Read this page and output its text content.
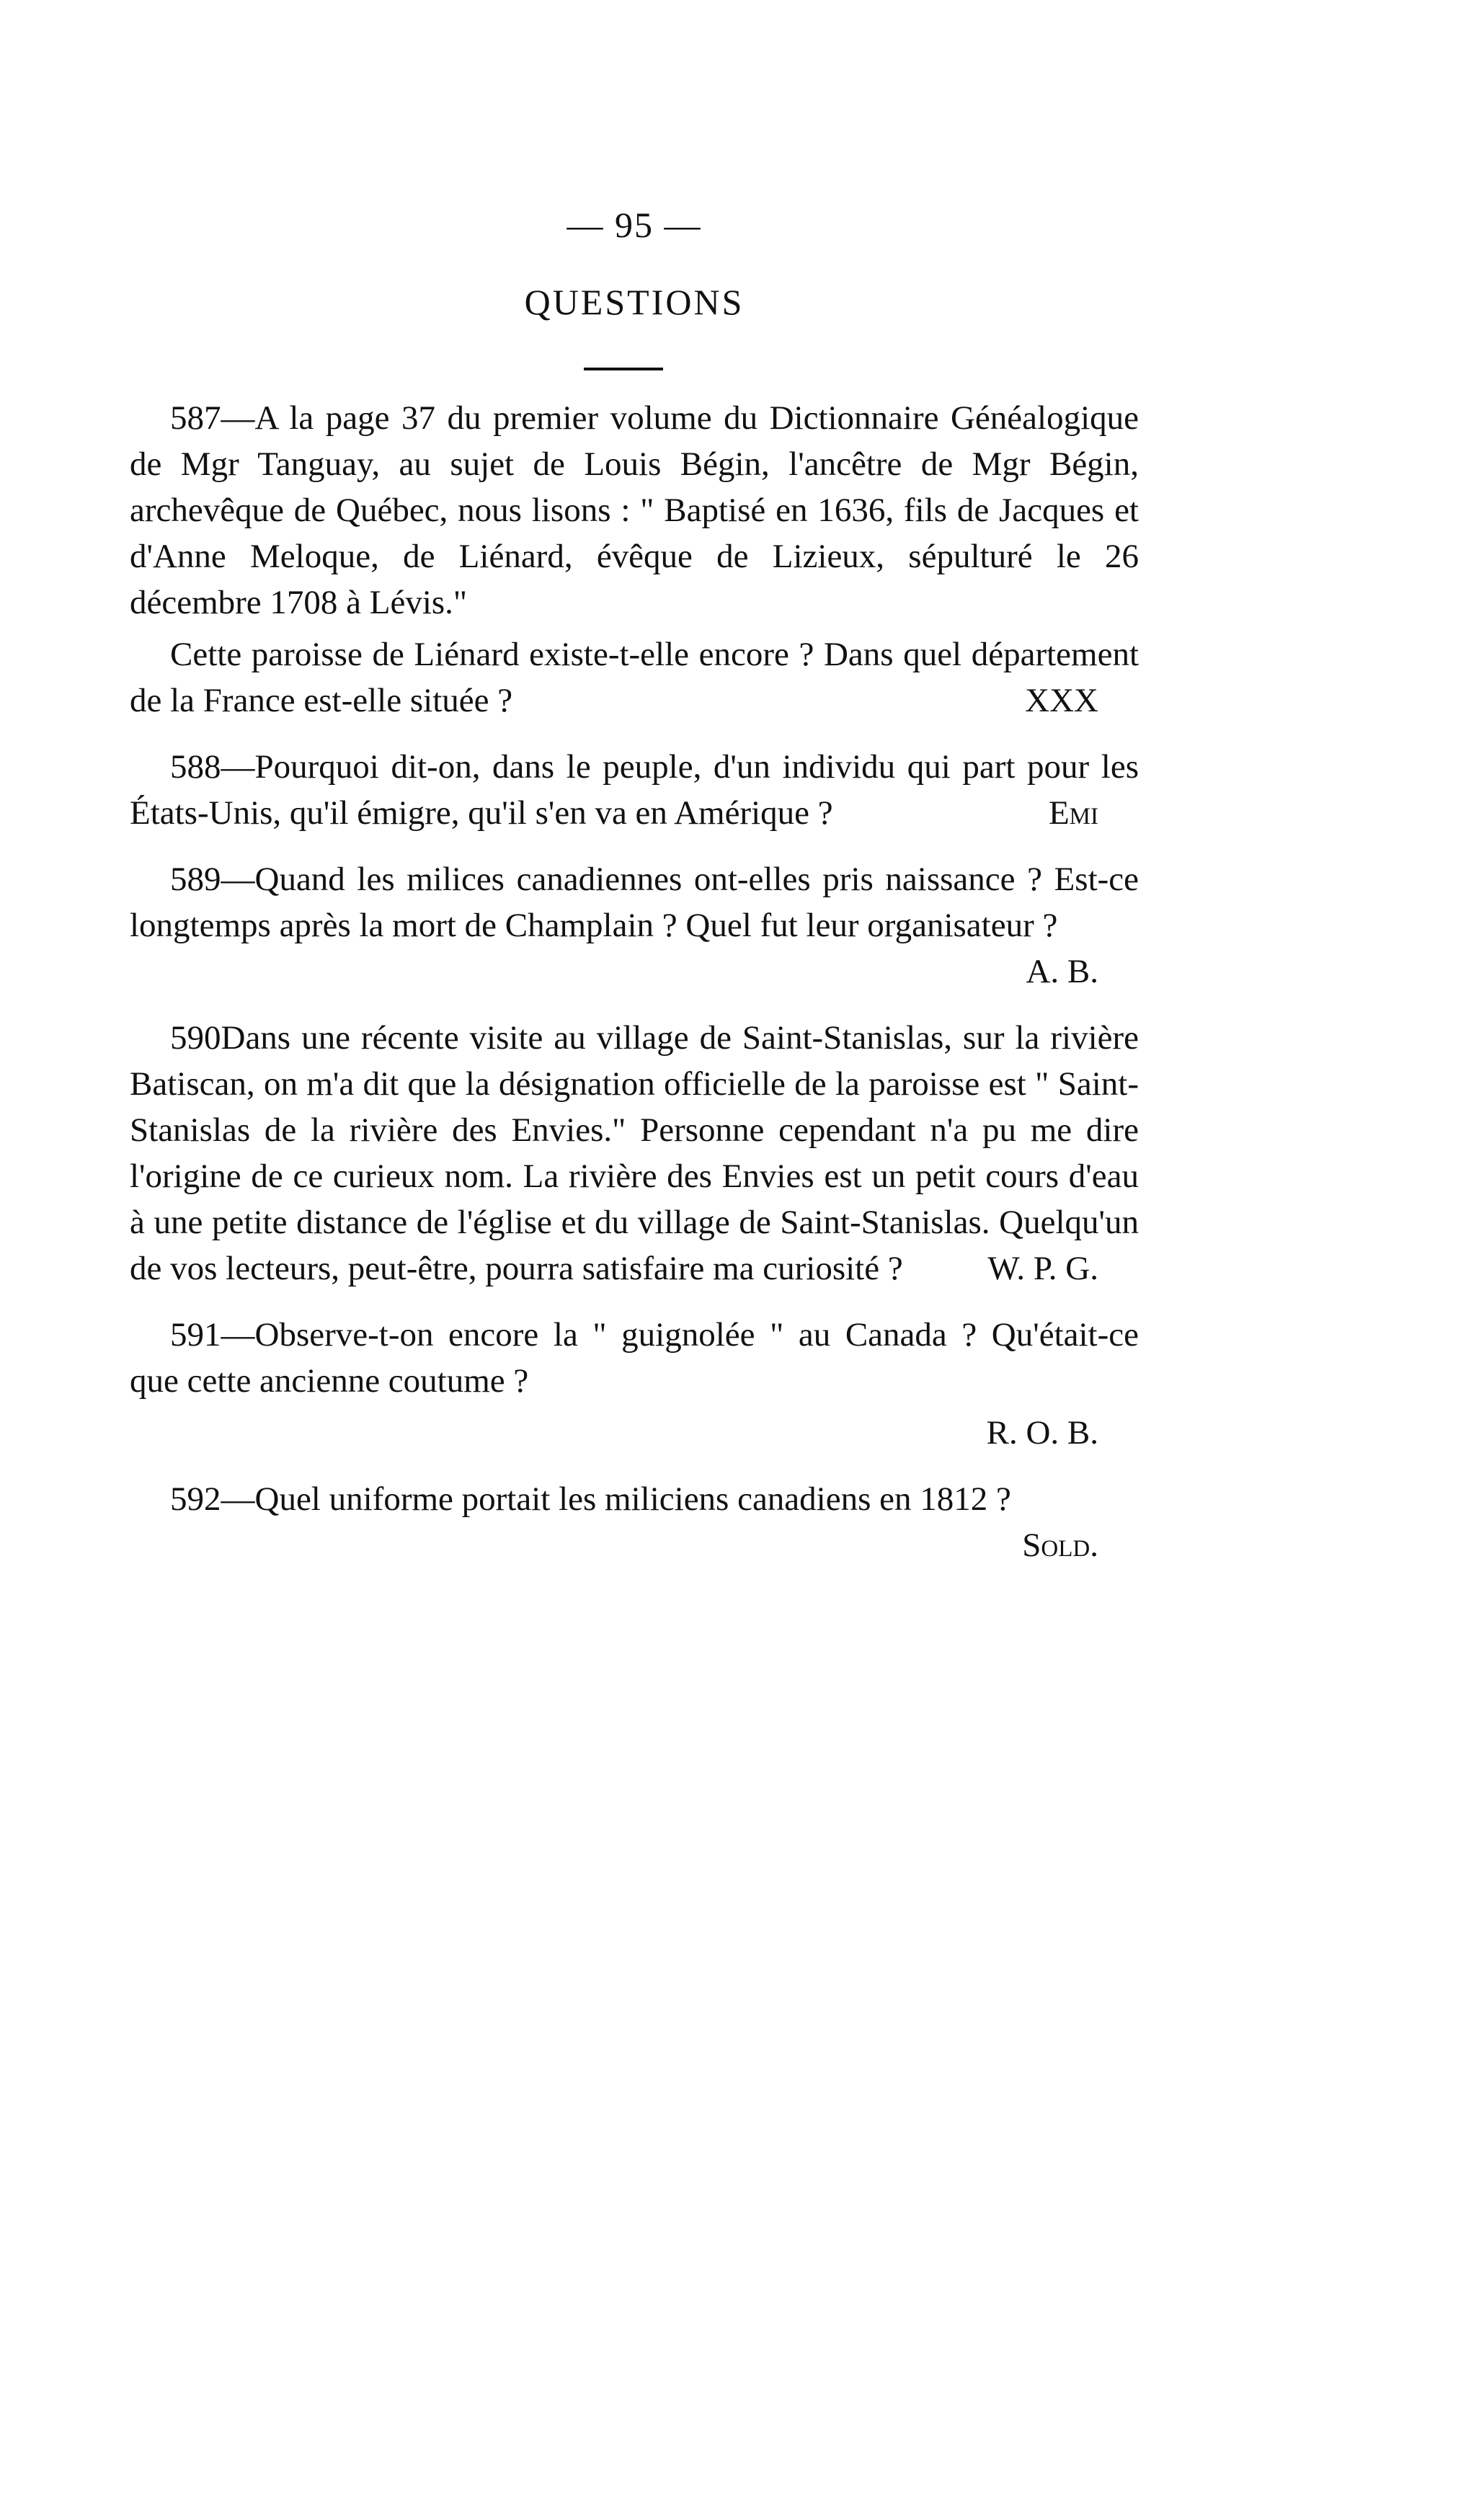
— 95 —
QUESTIONS

587—A la page 37 du premier volume du Dictionnaire Généalogique de Mgr Tanguay, au sujet de Louis Bégin, l'ancêtre de Mgr Bégin, archevêque de Québec, nous lisons : " Baptisé en 1636, fils de Jacques et d'Anne Meloque, de Liénard, évêque de Lizieux, sépulturé le 26 décembre 1708 à Lévis."

Cette paroisse de Liénard existe-t-elle encore ? Dans quel département de la France est-elle située ?	XXX

588—Pourquoi dit-on, dans le peuple, d'un individu qui part pour les États-Unis, qu'il émigre, qu'il s'en va en Amérique ?	Emi

589—Quand les milices canadiennes ont-elles pris naissance ? Est-ce longtemps après la mort de Champlain ? Quel fut leur organisateur ?
A. B.

590Dans une récente visite au village de Saint-Stanislas, sur la rivière Batiscan, on m'a dit que la désignation officielle de la paroisse est " Saint-Stanislas de la rivière des Envies." Personne cependant n'a pu me dire l'origine de ce curieux nom. La rivière des Envies est un petit cours d'eau à une petite distance de l'église et du village de Saint-Stanislas. Quelqu'un de vos lecteurs, peut-être, pourra satisfaire ma curiosité ?	W. P. G.

591—Observe-t-on encore la " guignolée " au Canada ? Qu'était-ce que cette ancienne coutume ?

R. O. B.

592—Quel uniforme portait les miliciens canadiens en 1812 ?
Sold.
